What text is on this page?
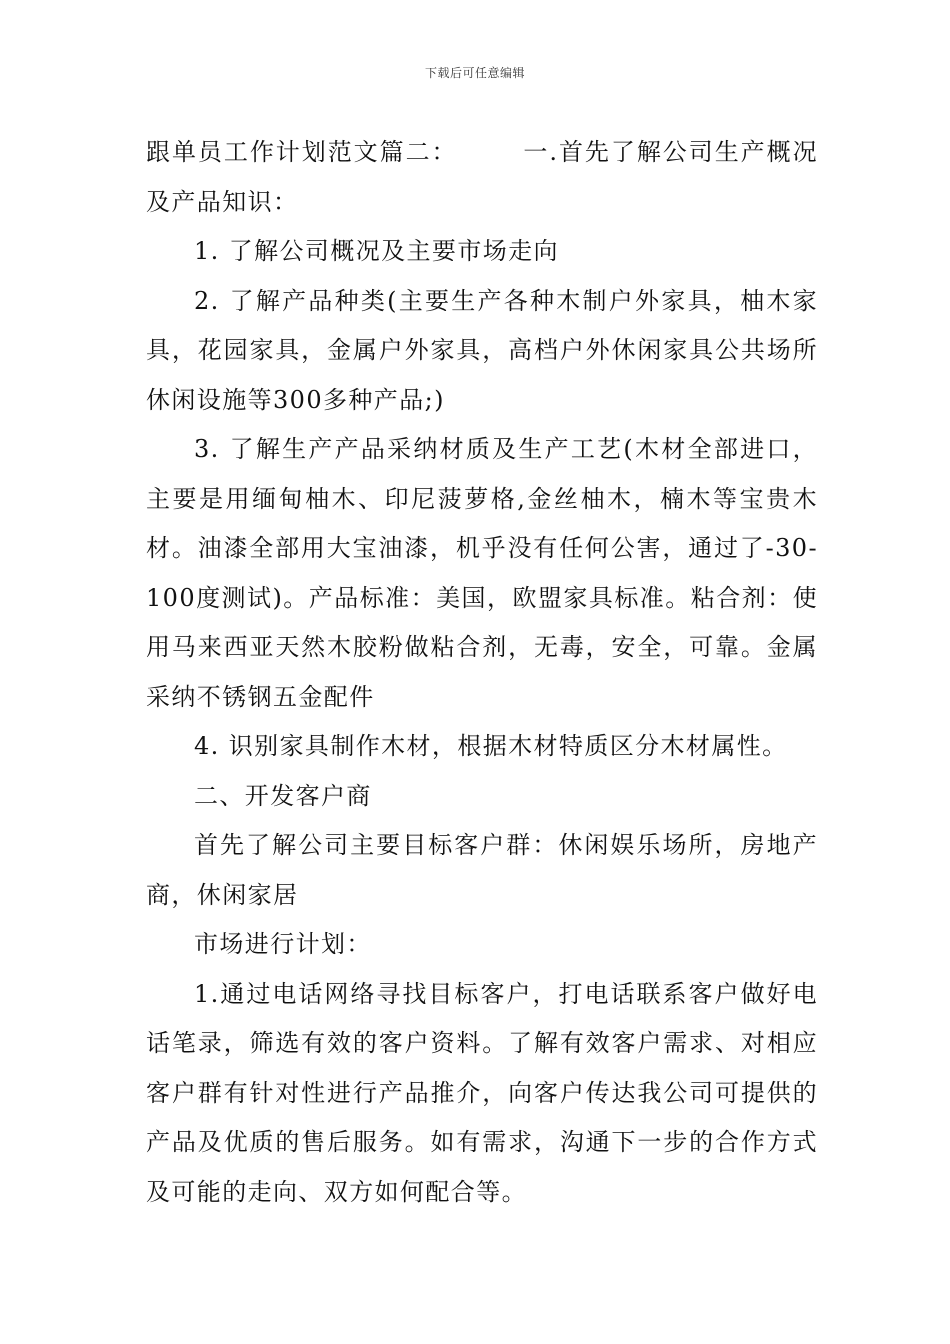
下载后可任意编辑

跟单员工作计划范文篇二：　　　一.首先了解公司生产概况及产品知识：

1. 了解公司概况及主要市场走向

2. 了解产品种类(主要生产各种木制户外家具，柚木家具，花园家具，金属户外家具，高档户外休闲家具公共场所休闲设施等300多种产品;)

3. 了解生产产品采纳材质及生产工艺(木材全部进口，主要是用缅甸柚木、印尼菠萝格,金丝柚木，楠木等宝贵木材。油漆全部用大宝油漆，机乎没有任何公害，通过了-30-100度测试)。产品标准：美国，欧盟家具标准。粘合剂：使用马来西亚天然木胶粉做粘合剂，无毒，安全，可靠。金属采纳不锈钢五金配件

4. 识别家具制作木材，根据木材特质区分木材属性。

二、开发客户商

首先了解公司主要目标客户群：休闲娱乐场所，房地产商，休闲家居

市场进行计划：

1.通过电话网络寻找目标客户，打电话联系客户做好电话笔录，筛选有效的客户资料。了解有效客户需求、对相应客户群有针对性进行产品推介，向客户传达我公司可提供的产品及优质的售后服务。如有需求，沟通下一步的合作方式及可能的走向、双方如何配合等。
